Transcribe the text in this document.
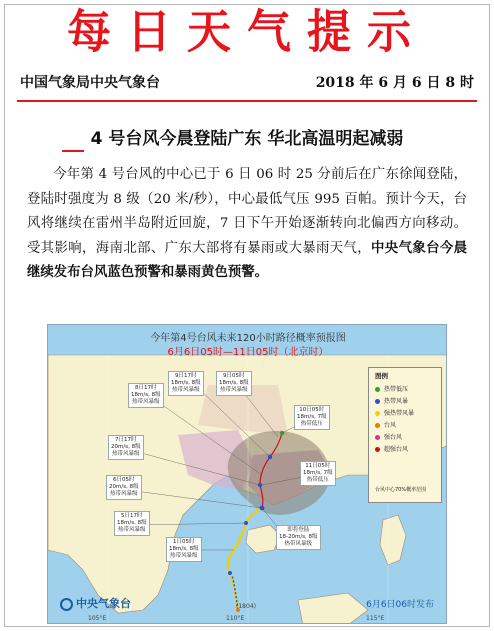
每日天气提示
中国气象局中央气象台	2018 年 6 月 6 日 8 时
4 号台风今晨登陆广东 华北高温明起减弱
今年第 4 号台风的中心已于 6 日 06 时 25 分前后在广东徐闻登陆，登陆时强度为 8 级（20 米/秒），中心最低气压 995 百帕。预计今天，台风将继续在雷州半岛附近回旋，7 日下午开始逐渐转向北偏西方向移动。受其影响，海南北部、广东大部将有暴雨或大暴雨天气，中央气象台今晨继续发布台风蓝色预警和暴雨黄色预警。
今年第4号台风未来120小时路径概率预报图
6月6日05时—11日05时（北京时）
9日17时
18m/s, 8级
热带风暴级
9日05时
18m/s, 8级
热带风暴级
8日17时
18m/s, 8级
热带风暴级
10日05时
18m/s, 7级
热带低压
11日05时
18m/s, 7级
热带低压
7日17时
20m/s, 8级
热带风暴级
6日05时
20m/s, 8级
热带风暴级
5日17时
18m/s, 8级
热带风暴级
1日05时
18m/s, 8级
热带风暴级
即将登陆
18-20m/s, 8级
热带风暴级
图例
热带低压
热带风暴
强热带风暴
台风
强台风
超强台风
台风中心70%概率范围
(1804)
中央气象台	6月6日06时发布
105°E	110°E	115°E
